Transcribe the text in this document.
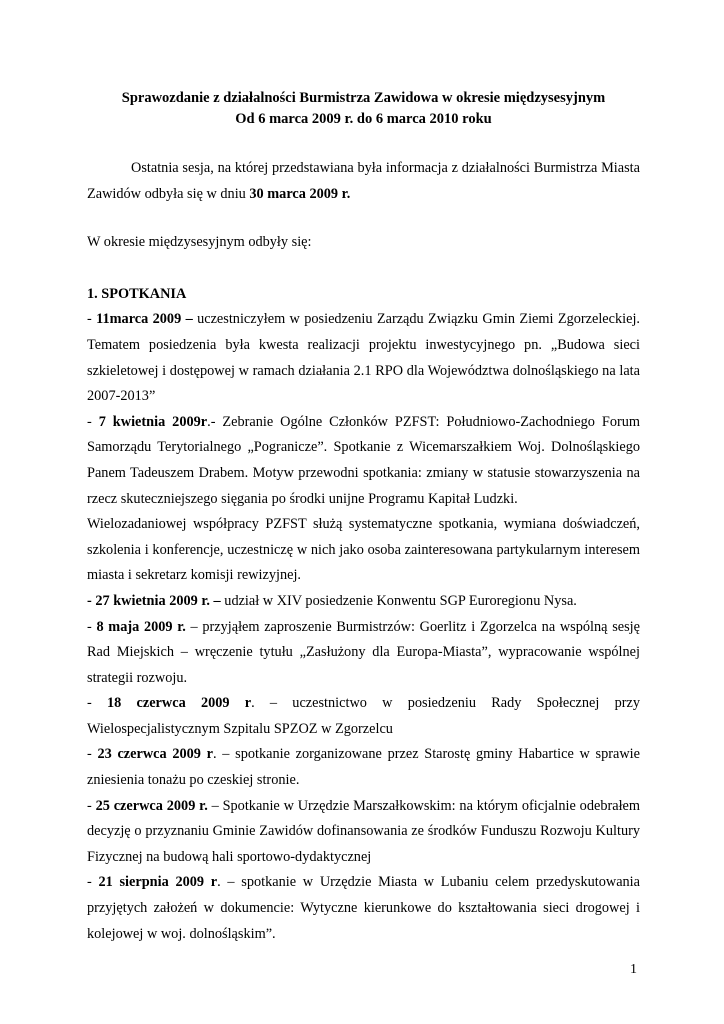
Sprawozdanie z działalności Burmistrza Zawidowa w okresie międzysesyjnym
Od 6 marca 2009 r. do 6 marca 2010 roku

Ostatnia sesja, na której przedstawiana była informacja z działalności Burmistrza Miasta Zawidów odbyła się w dniu 30 marca 2009 r.

W okresie międzysesyjnym odbyły się:

1. SPOTKANIA

- 11marca 2009 – uczestniczyłem w posiedzeniu Zarządu Związku Gmin Ziemi Zgorzeleckiej. Tematem posiedzenia była kwesta realizacji projektu inwestycyjnego pn. „Budowa sieci szkieletowej i dostępowej w ramach działania 2.1 RPO dla Województwa dolnośląskiego na lata 2007-2013”

- 7 kwietnia 2009r.- Zebranie Ogólne Członków PZFST: Południowo-Zachodniego Forum Samorządu Terytorialnego „Pogranicze”. Spotkanie z Wicemarszałkiem Woj. Dolnośląskiego Panem Tadeuszem Drabem. Motyw przewodni spotkania: zmiany w statusie stowarzyszenia na rzecz skuteczniejszego sięgania po środki unijne Programu Kapitał Ludzki.

Wielozadaniowej współpracy PZFST służą systematyczne spotkania, wymiana doświadczeń, szkolenia i konferencje, uczestniczę w nich jako osoba zainteresowana partykularnym interesem miasta i sekretarz komisji rewizyjnej.

- 27 kwietnia 2009 r. – udział w XIV posiedzenie Konwentu SGP Euroregionu Nysa.

- 8 maja 2009 r. – przyjąłem zaproszenie Burmistrzów: Goerlitz i Zgorzelca na wspólną sesję Rad Miejskich – wręczenie tytułu „Zasłużony dla Europa-Miasta”, wypracowanie wspólnej strategii rozwoju.

- 18 czerwca 2009 r. – uczestnictwo w posiedzeniu Rady Społecznej przy Wielospecjalistycznym Szpitalu SPZOZ w Zgorzelcu

- 23 czerwca 2009 r. – spotkanie zorganizowane przez Starostę gminy Habartice w sprawie zniesienia tonażu po czeskiej stronie.

- 25 czerwca 2009 r. – Spotkanie w Urzędzie Marszałkowskim: na którym oficjalnie odebrałem decyzję o przyznaniu Gminie Zawidów dofinansowania ze środków Funduszu Rozwoju Kultury Fizycznej na budową hali sportowo-dydaktycznej

- 21 sierpnia 2009 r. – spotkanie w Urzędzie Miasta w Lubaniu celem przedyskutowania przyjętych założeń w dokumencie: Wytyczne kierunkowe do kształtowania sieci drogowej i kolejowej w woj. dolnośląskim”.

1
